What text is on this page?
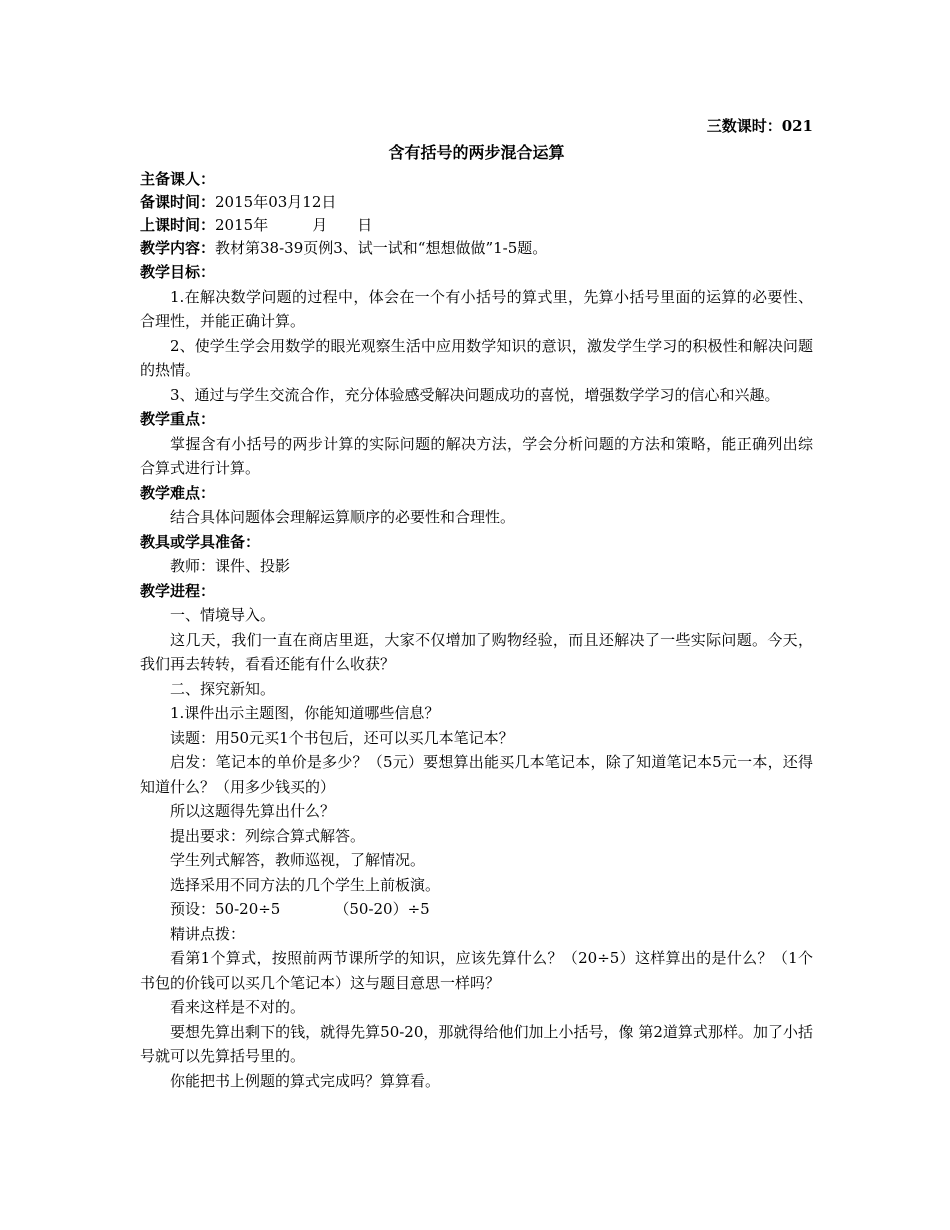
三数课时：021
含有括号的两步混合运算
主备课人：
备课时间：2015年03月12日
上课时间：2015年	月 日
教学内容：教材第38-39页例3、试一试和“想想做做”1-5题。

教学目标：

1.在解决数学问题的过程中，体会在一个有小括号的算式里，先算小括号里面的运算的必要性、合理性，并能正确计算。

2、使学生学会用数学的眼光观察生活中应用数学知识的意识，激发学生学习的积极性和解决问题的热情。

3、通过与学生交流合作，充分体验感受解决问题成功的喜悦，增强数学学习的信心和兴趣。

教学重点：

掌握含有小括号的两步计算的实际问题的解决方法，学会分析问题的方法和策略，能正确列出综合算式进行计算。

教学难点：

结合具体问题体会理解运算顺序的必要性和合理性。

教具或学具准备：

教师：课件、投影

教学进程：

一、情境导入。

这几天，我们一直在商店里逛，大家不仅增加了购物经验，而且还解决了一些实际问题。今天，我们再去转转，看看还能有什么收获？

二、探究新知。

1.课件出示主题图，你能知道哪些信息？

读题：用50元买1个书包后，还可以买几本笔记本？

启发：笔记本的单价是多少？（5元）要想算出能买几本笔记本，除了知道笔记本5元一本，还得知道什么？（用多少钱买的）

所以这题得先算出什么？

提出要求：列综合算式解答。

学生列式解答，教师巡视，了解情况。

选择采用不同方法的几个学生上前板演。

预设：50-20÷5	（50-20）÷5

精讲点拨：

看第1个算式，按照前两节课所学的知识，应该先算什么？（20÷5）这样算出的是什么？（1个书包的价钱可以买几个笔记本）这与题目意思一样吗？

看来这样是不对的。

要想先算出剩下的钱，就得先算50-20，那就得给他们加上小括号，像 第2道算式那样。加了小括号就可以先算括号里的。

你能把书上例题的算式完成吗？算算看。
